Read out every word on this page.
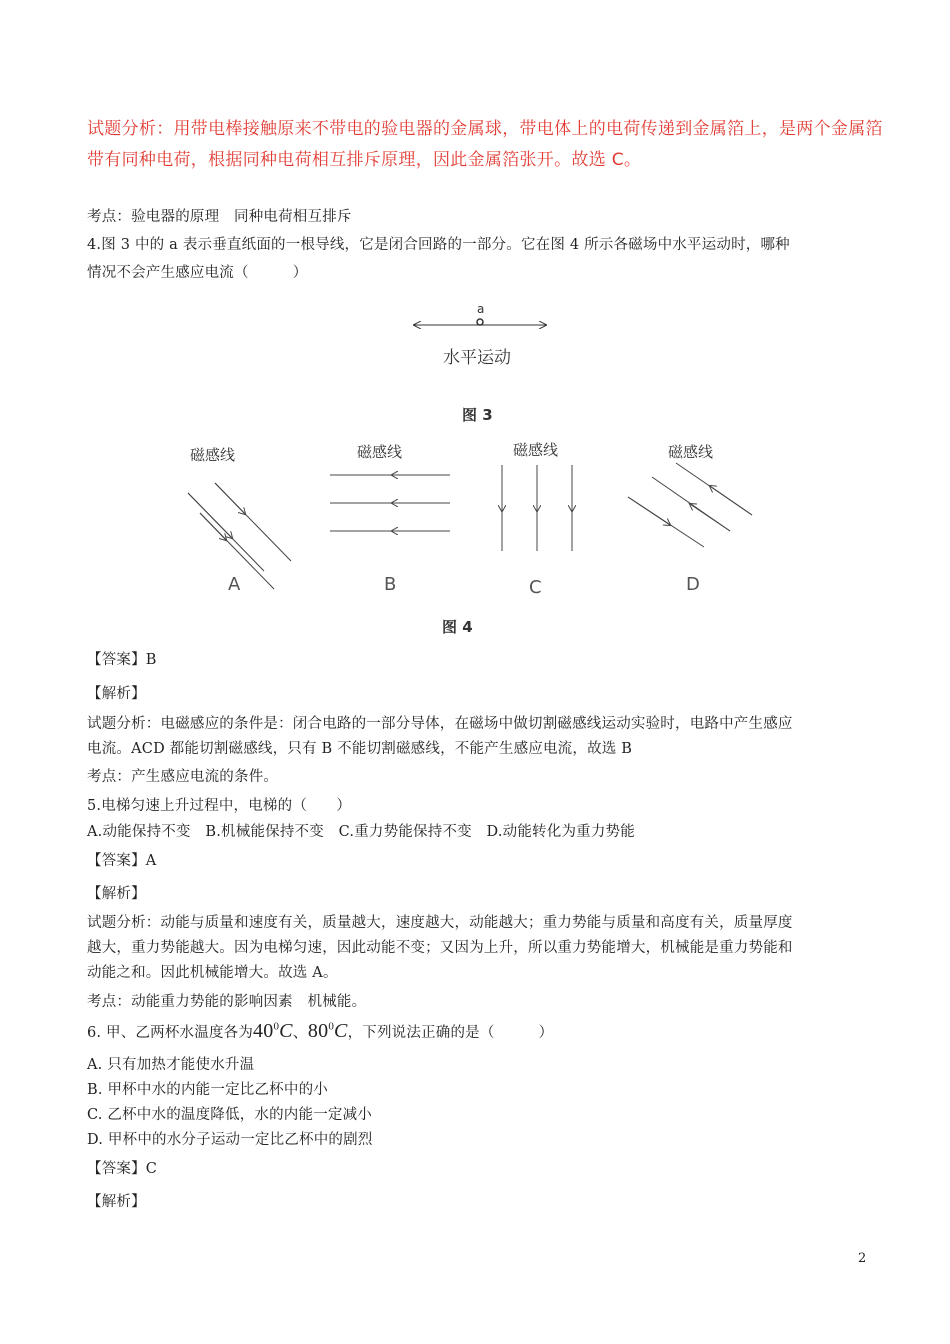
试题分析：用带电棒接触原来不带电的验电器的金属球，带电体上的电荷传递到金属箔上，是两个金属箔
带有同种电荷，根据同种电荷相互排斥原理，因此金属箔张开。故选 C。
考点：验电器的原理　同种电荷相互排斥
4.图 3 中的 a 表示垂直纸面的一根导线，它是闭合回路的一部分。它在图 4 所示各磁场中水平运动时，哪种
情况不会产生感应电流（　　　）
a
水平运动
图 3
磁感线
A
磁感线
B
磁感线
C
磁感线
D
图 4
【答案】B
【解析】
试题分析：电磁感应的条件是：闭合电路的一部分导体，在磁场中做切割磁感线运动实验时，电路中产生感应
电流。ACD 都能切割磁感线，只有 B 不能切割磁感线，不能产生感应电流，故选 B
考点：产生感应电流的条件。
5.电梯匀速上升过程中，电梯的（　　）
A.动能保持不变　B.机械能保持不变　C.重力势能保持不变　D.动能转化为重力势能
【答案】A
【解析】
试题分析：动能与质量和速度有关，质量越大，速度越大，动能越大；重力势能与质量和高度有关，质量厚度
越大，重力势能越大。因为电梯匀速，因此动能不变；又因为上升，所以重力势能增大，机械能是重力势能和
动能之和。因此机械能增大。故选 A。
考点：动能重力势能的影响因素　机械能。
6. 甲、乙两杯水温度各为$40^0C$、$80^0C$，下列说法正确的是（　　　）
A. 只有加热才能使水升温
B. 甲杯中水的内能一定比乙杯中的小
C. 乙杯中水的温度降低，水的内能一定减小
D. 甲杯中的水分子运动一定比乙杯中的剧烈
【答案】C
【解析】
2
